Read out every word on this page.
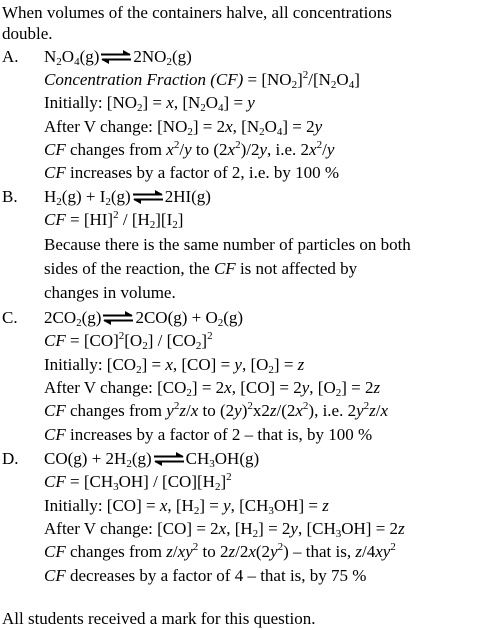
When volumes of the containers halve, all concentrations
double.
A. $N_2O_4(g)\rightleftharpoons 2NO_2(g)$
Concentration Fraction $(CF) = [NO_2]^2/[N_2O_4]$
Initially: $[NO_2] = x$, $[N_2O_4] = y$
After V change: $[NO_2] = 2x$, $[N_2O_4] = 2y$
CF changes from $x^2/y$ to $(2x^2)/2y$, i.e. $2x^2/y$
CF increases by a factor of 2, i.e. by 100 %
B. $H_2(g)$ + $I_2(g)\rightleftharpoons 2HI(g)$
CF = $[HI]^2 / [H_2][I_2]$
Because there is the same number of particles on both
sides of the reaction, the CF is not affected by
changes in volume.
C. $2CO_2(g)\rightleftharpoons 2CO(g) + O_2(g)$
CF = $[CO]^2[O_2] / [CO_2]^2$
Initially: $[CO_2] = x$, [CO] = y, $[O_2] = z$
After V change: $[CO_2] = 2x$, [CO] = 2y, $[O_2] = 2z$
CF changes from $y^2z/x$ to $(2y)^2x2z/(2x^2)$, i.e. $2y^2z/x$
CF increases by a factor of 2 – that is, by 100 %
D. $CO(g) + 2H_2(g)\rightleftharpoons CH_3OH(g)$
CF = $[CH_3OH] / [CO][H_2]^2$
Initially: [CO] = x, $[H_2] = y$, $[CH_3OH] = z$
After V change: [CO] = 2x, $[H_2] = 2y$, $[CH_3OH] = 2z$
CF changes from $z/xy^2$ to $2z/2x(2y^2)$ – that is, $z/4xy^2$
CF decreases by a factor of 4 – that is, by 75 %
All students received a mark for this question.
